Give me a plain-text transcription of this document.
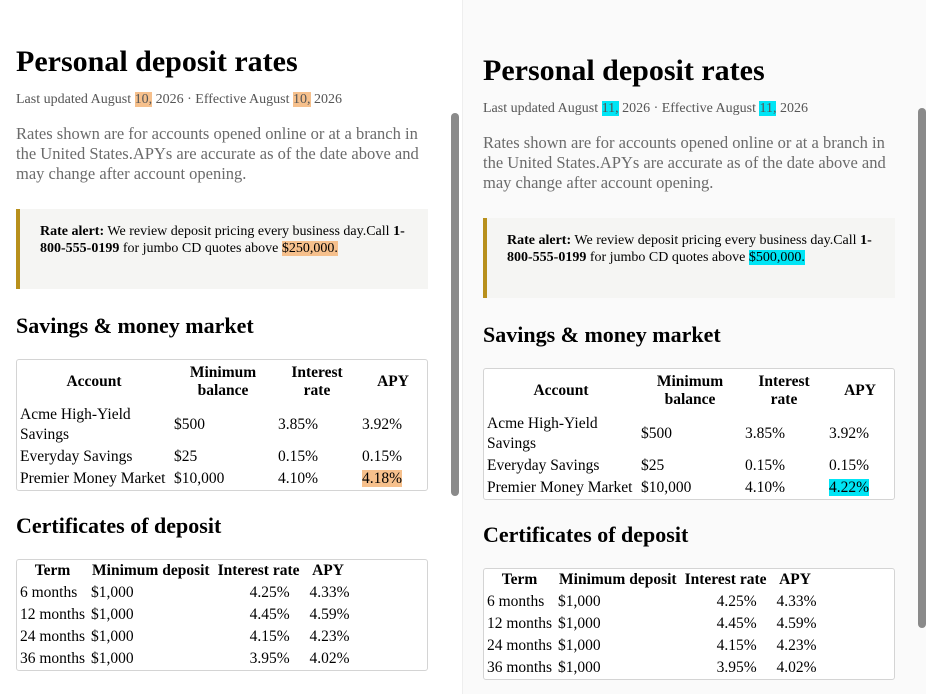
Personal deposit rates

Last updated August 10, 2026 · Effective August 10, 2026

Rates shown are for accounts opened online or at a branch in the United States.APYs are accurate as of the date above and may change after account opening.

Rate alert: We review deposit pricing every business day.Call 1-800-555-0199 for jumbo CD quotes above $250,000.
Savings & money market
Account	Minimum balance	Interest rate	APY
Acme High-Yield Savings	$500	3.85%	3.92%
Everyday Savings	$25	0.15%	0.15%
Premier Money Market	$10,000	4.10%	4.18%
Certificates of deposit
Term	Minimum deposit	Interest rate	APY
6 months	$1,000	4.25%	4.33%
12 months	$1,000	4.45%	4.59%
24 months	$1,000	4.15%	4.23%
36 months	$1,000	3.95%	4.02%
Personal deposit rates

Last updated August 11, 2026 · Effective August 11, 2026

Rates shown are for accounts opened online or at a branch in the United States.APYs are accurate as of the date above and may change after account opening.

Rate alert: We review deposit pricing every business day.Call 1-800-555-0199 for jumbo CD quotes above $500,000.
Savings & money market
Account	Minimum balance	Interest rate	APY
Acme High-Yield Savings	$500	3.85%	3.92%
Everyday Savings	$25	0.15%	0.15%
Premier Money Market	$10,000	4.10%	4.22%
Certificates of deposit
Term	Minimum deposit	Interest rate	APY
6 months	$1,000	4.25%	4.33%
12 months	$1,000	4.45%	4.59%
24 months	$1,000	4.15%	4.23%
36 months	$1,000	3.95%	4.02%
